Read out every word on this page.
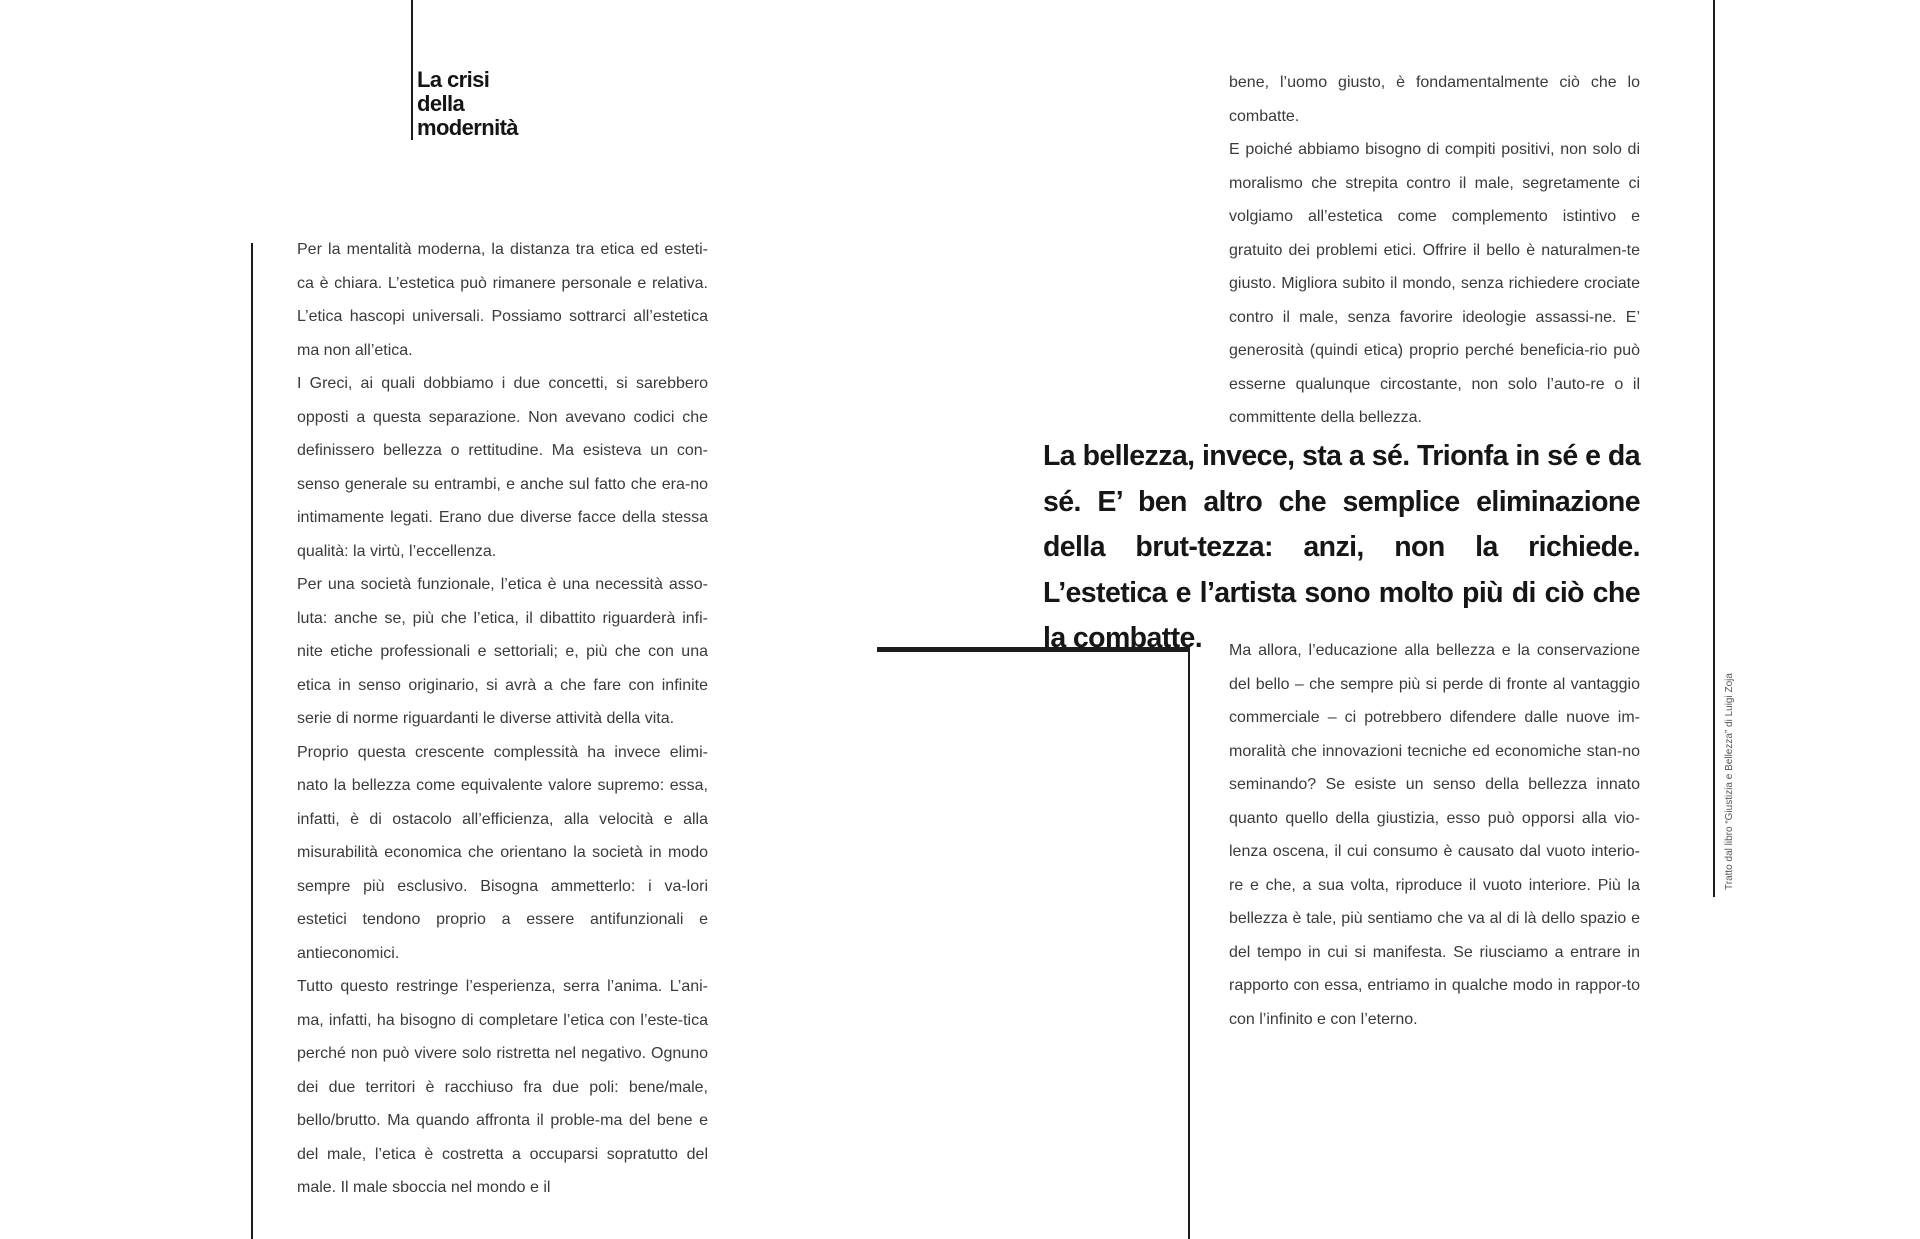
La crisi
della
modernità

Per la mentalità moderna, la distanza tra etica ed esteti-ca è chiara. L’estetica può rimanere personale e relativa. L’etica hascopi universali. Possiamo sottrarci all’estetica ma non all’etica.

I Greci, ai quali dobbiamo i due concetti, si sarebbero opposti a questa separazione. Non avevano codici che definissero bellezza o rettitudine. Ma esisteva un con-senso generale su entrambi, e anche sul fatto che era-no intimamente legati. Erano due diverse facce della stessa qualità: la virtù, l’eccellenza.

Per una società funzionale, l’etica è una necessità asso-luta: anche se, più che l’etica, il dibattito riguarderà infi-nite etiche professionali e settoriali; e, più che con una etica in senso originario, si avrà a che fare con infinite serie di norme riguardanti le diverse attività della vita.

Proprio questa crescente complessità ha invece elimi-nato la bellezza come equivalente valore supremo: essa, infatti, è di ostacolo all’efficienza, alla velocità e alla misurabilità economica che orientano la società in modo sempre più esclusivo. Bisogna ammetterlo: i va-lori estetici tendono proprio a essere antifunzionali e antieconomici.

Tutto questo restringe l’esperienza, serra l’anima. L’ani-ma, infatti, ha bisogno di completare l’etica con l’este-tica perché non può vivere solo ristretta nel negativo. Ognuno dei due territori è racchiuso fra due poli: bene/male, bello/brutto. Ma quando affronta il proble-ma del bene e del male, l’etica è costretta a occuparsi sopratutto del male. Il male sboccia nel mondo e il

bene, l’uomo giusto, è fondamentalmente ciò che lo combatte.

E poiché abbiamo bisogno di compiti positivi, non solo di moralismo che strepita contro il male, segretamente ci volgiamo all’estetica come complemento istintivo e gratuito dei problemi etici. Offrire il bello è naturalmen-te giusto. Migliora subito il mondo, senza richiedere crociate contro il male, senza favorire ideologie assassi-ne. E’ generosità (quindi etica) proprio perché beneficia-rio può esserne qualunque circostante, non solo l’auto-re o il committente della bellezza.

La bellezza, invece, sta a sé. Trionfa in sé e da sé. E’ ben altro che semplice eliminazione della brut-tezza: anzi, non la richiede. L’estetica e l’artista sono molto più di ciò che la combatte.	Ma allora, l’educazione alla bellezza e la conservazione del bello – che sempre più si perde di fronte al vantaggio commerciale – ci potrebbero difendere dalle nuove im-moralità che innovazioni tecniche ed economiche stan-no seminando? Se esiste un senso della bellezza innato quanto quello della giustizia, esso può opporsi alla vio-lenza oscena, il cui consumo è causato dal vuoto interio-re e che, a sua volta, riproduce il vuoto interiore. Più la bellezza è tale, più sentiamo che va al di là dello spazio e del tempo in cui si manifesta. Se riusciamo a entrare in rapporto con essa, entriamo in qualche modo in rappor-to con l’infinito e con l’eterno.

Tratto dal libro “Giustizia e Bellezza” di Luigi Zoja
